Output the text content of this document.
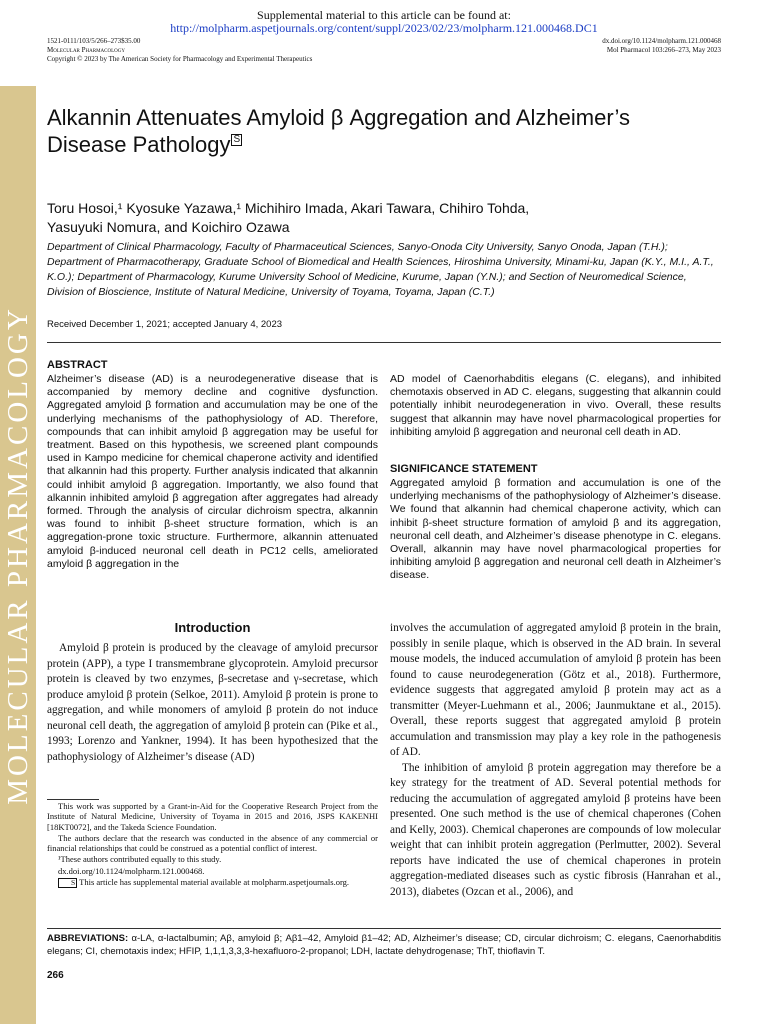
MOLECULAR PHARMACOLOGY
Supplemental material to this article can be found at:
http://molpharm.aspetjournals.org/content/suppl/2023/02/23/molpharm.121.000468.DC1
1521-0111/103/5/266–273$35.00
Molecular Pharmacology
Copyright © 2023 by The American Society for Pharmacology and Experimental Therapeutics
dx.doi.org/10.1124/molpharm.121.000468
Mol Pharmacol 103:266–273, May 2023
Alkannin Attenuates Amyloid β Aggregation and Alzheimer’s
Disease Pathology S
Toru Hosoi,¹ Kyosuke Yazawa,¹ Michihiro Imada, Akari Tawara, Chihiro Tohda,
Yasuyuki Nomura, and Koichiro Ozawa
Department of Clinical Pharmacology, Faculty of Pharmaceutical Sciences, Sanyo-Onoda City University, Sanyo Onoda, Japan (T.H.); Department of Pharmacotherapy, Graduate School of Biomedical and Health Sciences, Hiroshima University, Minami-ku, Japan (K.Y., M.I., A.T., K.O.); Department of Pharmacology, Kurume University School of Medicine, Kurume, Japan (Y.N.); and Section of Neuromedical Science, Division of Bioscience, Institute of Natural Medicine, University of Toyama, Toyama, Japan (C.T.)
Received December 1, 2021; accepted January 4, 2023
ABSTRACT

Alzheimer’s disease (AD) is a neurodegenerative disease that is accompanied by memory decline and cognitive dysfunction. Aggregated amyloid β formation and accumulation may be one of the underlying mechanisms of the pathophysiology of AD. Therefore, compounds that can inhibit amyloid β aggregation may be useful for treatment. Based on this hypothesis, we screened plant compounds used in Kampo medicine for chemical chaperone activity and identified that alkannin had this property. Further analysis indicated that alkannin could inhibit amyloid β aggregation. Importantly, we also found that alkannin inhibited amyloid β aggregation after aggregates had already formed. Through the analysis of circular dichroism spectra, alkannin was found to inhibit β-sheet structure formation, which is an aggregation-prone toxic structure. Furthermore, alkannin attenuated amyloid β-induced neuronal cell death in PC12 cells, ameliorated amyloid β aggregation in the

AD model of Caenorhabditis elegans (C. elegans), and inhibited chemotaxis observed in AD C. elegans, suggesting that alkannin could potentially inhibit neurodegeneration in vivo. Overall, these results suggest that alkannin may have novel pharmacological properties for inhibiting amyloid β aggregation and neuronal cell death in AD.

SIGNIFICANCE STATEMENT

Aggregated amyloid β formation and accumulation is one of the underlying mechanisms of the pathophysiology of Alzheimer’s disease. We found that alkannin had chemical chaperone activity, which can inhibit β-sheet structure formation of amyloid β and its aggregation, neuronal cell death, and Alzheimer’s disease phenotype in C. elegans. Overall, alkannin may have novel pharmacological properties for inhibiting amyloid β aggregation and neuronal cell death in Alzheimer’s disease.

Introduction

Amyloid β protein is produced by the cleavage of amyloid precursor protein (APP), a type I transmembrane glycoprotein. Amyloid precursor protein is cleaved by two enzymes, β-secretase and γ-secretase, which produce amyloid β protein (Selkoe, 2011). Amyloid β protein is prone to aggregation, and while monomers of amyloid β protein do not induce neuronal cell death, the aggregation of amyloid β protein can (Pike et al., 1993; Lorenzo and Yankner, 1994). It has been hypothesized that the pathophysiology of Alzheimer’s disease (AD)

involves the accumulation of aggregated amyloid β protein in the brain, possibly in senile plaque, which is observed in the AD brain. In several mouse models, the induced accumulation of amyloid β protein has been found to cause neurodegeneration (Götz et al., 2018). Furthermore, evidence suggests that aggregated amyloid β protein may act as a transmitter (Meyer-Luehmann et al., 2006; Jaunmuktane et al., 2015). Overall, these reports suggest that aggregated amyloid β protein accumulation and transmission may play a key role in the pathogenesis of AD.

The inhibition of amyloid β protein aggregation may therefore be a key strategy for the treatment of AD. Several potential methods for reducing the accumulation of aggregated amyloid β proteins have been presented. One such method is the use of chemical chaperones (Cohen and Kelly, 2003). Chemical chaperones are compounds of low molecular weight that can inhibit protein aggregation (Perlmutter, 2002). Several reports have indicated the use of chemical chaperones in protein aggregation-mediated diseases such as cystic fibrosis (Hanrahan et al., 2013), diabetes (Ozcan et al., 2006), and

This work was supported by a Grant-in-Aid for the Cooperative Research Project from the Institute of Natural Medicine, University of Toyama in 2015 and 2016, JSPS KAKENHI [18KT0072], and the Takeda Science Foundation.

The authors declare that the research was conducted in the absence of any commercial or financial relationships that could be construed as a potential conflict of interest.

¹These authors contributed equally to this study.

dx.doi.org/10.1124/molpharm.121.000468.

S This article has supplemental material available at molpharm.aspetjournals.org.

ABBREVIATIONS: α-LA, α-lactalbumin; Aβ, amyloid β; Aβ1–42, Amyloid β1–42; AD, Alzheimer’s disease; CD, circular dichroism; C. elegans, Caenorhabditis elegans; CI, chemotaxis index; HFIP, 1,1,1,3,3,3-hexafluoro-2-propanol; LDH, lactate dehydrogenase; ThT, thioflavin T.
266
